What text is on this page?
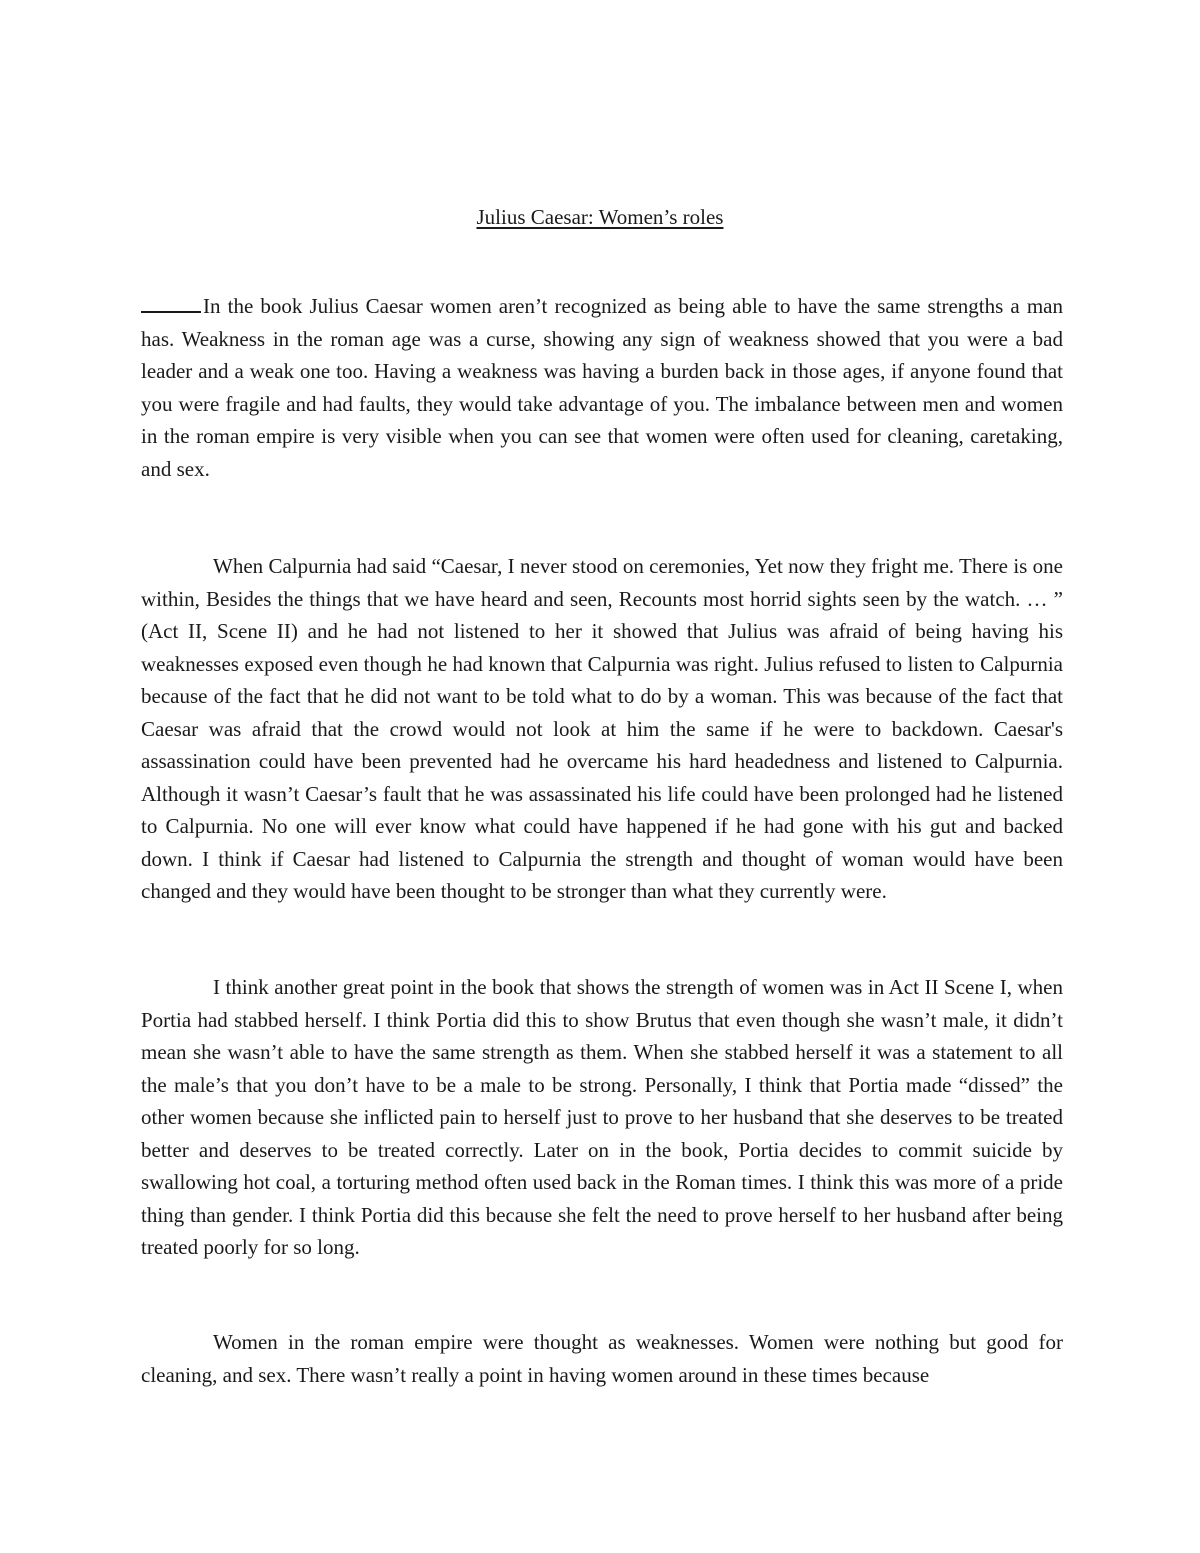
Julius Caesar: Women’s roles

In the book Julius Caesar women aren’t recognized as being able to have the same strengths a man has. Weakness in the roman age was a curse, showing any sign of weakness showed that you were a bad leader and a weak one too. Having a weakness was having a burden back in those ages, if anyone found that you were fragile and had faults, they would take advantage of you. The imbalance between men and women in the roman empire is very visible when you can see that women were often used for cleaning, caretaking, and sex.

When Calpurnia had said “Caesar, I never stood on ceremonies, Yet now they fright me. There is one within, Besides the things that we have heard and seen, Recounts most horrid sights seen by the watch. … ” (Act II, Scene II) and he had not listened to her it showed that Julius was afraid of being having his weaknesses exposed even though he had known that Calpurnia was right. Julius refused to listen to Calpurnia because of the fact that he did not want to be told what to do by a woman. This was because of the fact that Caesar was afraid that the crowd would not look at him the same if he were to backdown. Caesar's assassination could have been prevented had he overcame his hard headedness and listened to Calpurnia. Although it wasn’t Caesar’s fault that he was assassinated his life could have been prolonged had he listened to Calpurnia. No one will ever know what could have happened if he had gone with his gut and backed down. I think if Caesar had listened to Calpurnia the strength and thought of woman would have been changed and they would have been thought to be stronger than what they currently were.

I think another great point in the book that shows the strength of women was in Act II Scene I, when Portia had stabbed herself. I think Portia did this to show Brutus that even though she wasn’t male, it didn’t mean she wasn’t able to have the same strength as them. When she stabbed herself it was a statement to all the male’s that you don’t have to be a male to be strong. Personally, I think that Portia made “dissed” the other women because she inflicted pain to herself just to prove to her husband that she deserves to be treated better and deserves to be treated correctly. Later on in the book, Portia decides to commit suicide by swallowing hot coal, a torturing method often used back in the Roman times. I think this was more of a pride thing than gender. I think Portia did this because she felt the need to prove herself to her husband after being treated poorly for so long.

Women in the roman empire were thought as weaknesses. Women were nothing but good for cleaning, and sex. There wasn’t really a point in having women around in these times because
